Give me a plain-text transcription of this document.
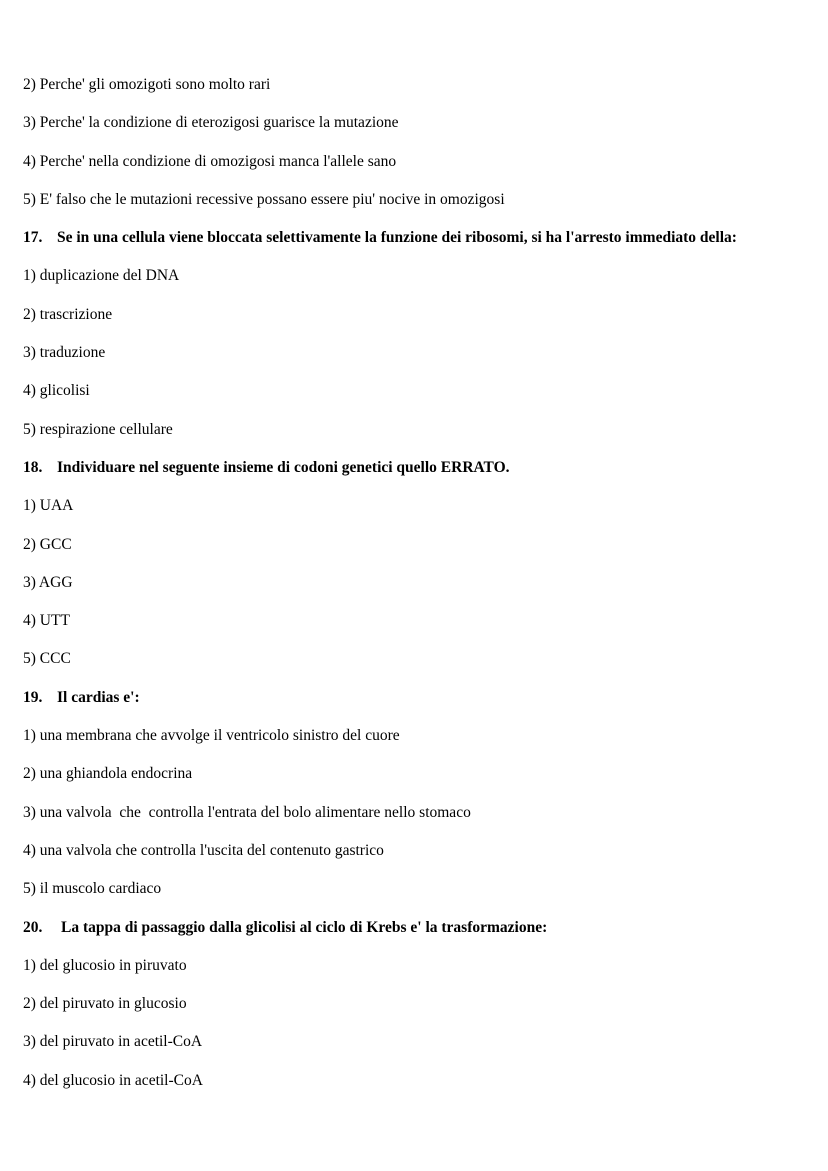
2) Perche' gli omozigoti sono molto rari
3) Perche' la condizione di eterozigosi guarisce la mutazione
4) Perche' nella condizione di omozigosi manca l'allele sano
5) E' falso che le mutazioni recessive possano essere piu' nocive in omozigosi
17. Se in una cellula viene bloccata selettivamente la funzione dei ribosomi, si ha l'arresto immediato della:
1) duplicazione del DNA
2) trascrizione
3) traduzione
4) glicolisi
5) respirazione cellulare
18. Individuare nel seguente insieme di codoni genetici quello ERRATO.
1) UAA
2) GCC
3) AGG
4) UTT
5) CCC
19. Il cardias e':
1) una membrana che avvolge il ventricolo sinistro del cuore
2) una ghiandola endocrina
3) una valvola  che  controlla l'entrata del bolo alimentare nello stomaco
4) una valvola che controlla l'uscita del contenuto gastrico
5) il muscolo cardiaco
20. La tappa di passaggio dalla glicolisi al ciclo di Krebs e' la trasformazione:
1) del glucosio in piruvato
2) del piruvato in glucosio
3) del piruvato in acetil-CoA
4) del glucosio in acetil-CoA
